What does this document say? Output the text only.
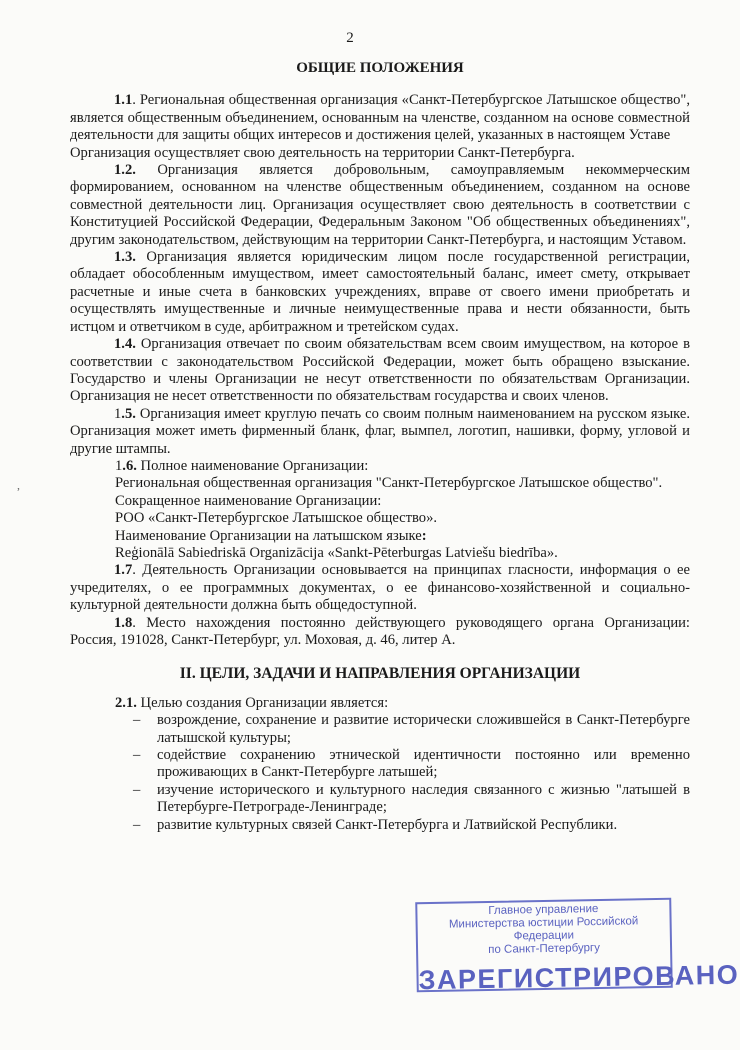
2
ОБЩИЕ ПОЛОЖЕНИЯ

1.1. Региональная общественная организация «Санкт-Петербургское Латышское общество", является общественным объединением, основанным на членстве, созданном на основе совместной деятельности для защиты общих интересов и достижения целей, указанных в настоящем Уставе

Организация осуществляет свою деятельность на территории Санкт-Петербурга.

1.2. Организация является добровольным, самоуправляемым некоммерческим формированием, основанном на членстве общественным объединением, созданном на основе совместной деятельности лиц. Организация осуществляет свою деятельность в соответствии с Конституцией Российской Федерации, Федеральным Законом "Об общественных объединениях", другим законодательством, действующим на территории Санкт-Петербурга, и настоящим Уставом.

1.3. Организация является юридическим лицом после государственной регистрации, обладает обособленным имуществом, имеет самостоятельный баланс, имеет смету, открывает расчетные и иные счета в банковских учреждениях, вправе от своего имени приобретать и осуществлять имущественные и личные неимущественные права и нести обязанности, быть истцом и ответчиком в суде, арбитражном и третейском судах.

1.4. Организация отвечает по своим обязательствам всем своим имуществом, на которое в соответствии с законодательством Российской Федерации, может быть обращено взыскание. Государство и члены Организации не несут ответственности по обязательствам Организации. Организация не несет ответственности по обязательствам государства и своих членов.

1.5. Организация имеет круглую печать со своим полным наименованием на русском языке. Организация может иметь фирменный бланк, флаг, вымпел, логотип, нашивки, форму, угловой и другие штампы.

1.6. Полное наименование Организации:

Региональная общественная организация "Санкт-Петербургское Латышское общество".

Сокращенное наименование Организации:

РОО «Санкт-Петербургское Латышское общество».

Наименование Организации на латышском языке:

Reģionālā Sabiedriskā Organizācija «Sankt-Pēterburgas Latviešu biedrība».

1.7. Деятельность Организации основывается на принципах гласности, информация о ее учредителях, о ее программных документах, о ее финансово-хозяйственной и социально-культурной деятельности должна быть общедоступной.

1.8. Место нахождения постоянно действующего руководящего органа Организации: Россия, 191028, Санкт-Петербург, ул. Моховая, д. 46, литер А.

II. ЦЕЛИ, ЗАДАЧИ И НАПРАВЛЕНИЯ ОРГАНИЗАЦИИ

2.1. Целью создания Организации является:

– возрождение, сохранение и развитие исторически сложившейся в Санкт-Петербурге латышской культуры;

– содействие сохранению этнической идентичности постоянно или временно проживающих в Санкт-Петербурге латышей;

– изучение исторического и культурного наследия связанного с жизнью "латышей в Петербурге-Петрограде-Ленинграде;

– развитие культурных связей Санкт-Петербурга и Латвийской Республики.

,
Главное управление
Министерства юстиции Российской Федерации
по Санкт-Петербургу
ЗАРЕГИСТРИРОВАНО
